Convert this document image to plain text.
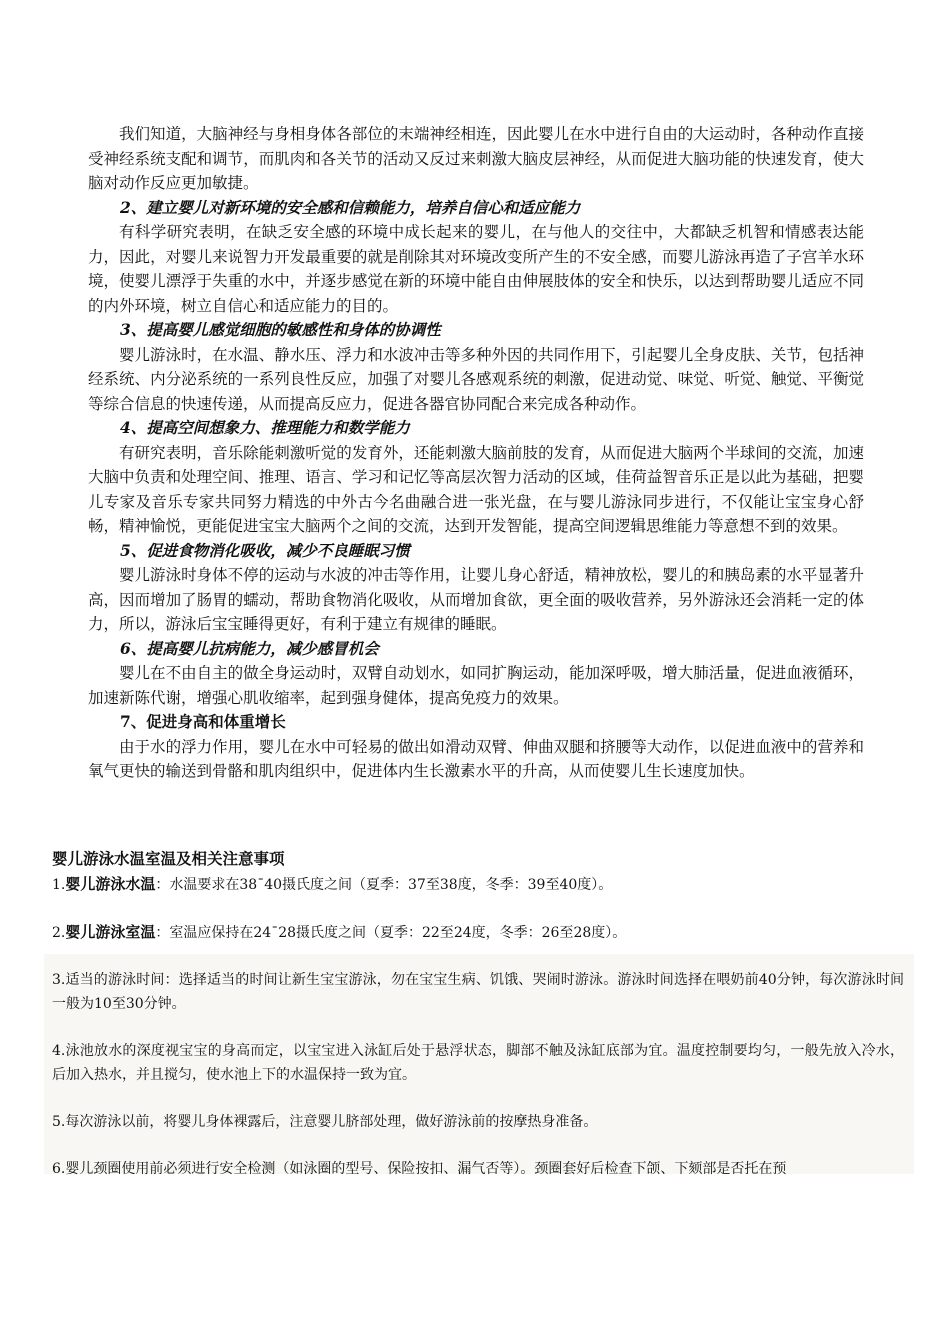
我们知道，大脑神经与身相身体各部位的末端神经相连，因此婴儿在水中进行自由的大运动时，各种动作直接受神经系统支配和调节，而肌肉和各关节的活动又反过来刺激大脑皮层神经，从而促进大脑功能的快速发育，使大脑对动作反应更加敏捷。

2、建立婴儿对新环境的安全感和信赖能力，培养自信心和适应能力

有科学研究表明，在缺乏安全感的环境中成长起来的婴儿，在与他人的交往中，大都缺乏机智和情感表达能力，因此，对婴儿来说智力开发最重要的就是削除其对环境改变所产生的不安全感，而婴儿游泳再造了子宫羊水环境，使婴儿漂浮于失重的水中，并逐步感觉在新的环境中能自由伸展肢体的安全和快乐，以达到帮助婴儿适应不同的内外环境，树立自信心和适应能力的目的。

3、提高婴儿感觉细胞的敏感性和身体的协调性

婴儿游泳时，在水温、静水压、浮力和水波冲击等多种外因的共同作用下，引起婴儿全身皮肤、关节，包括神经系统、内分泌系统的一系列良性反应，加强了对婴儿各感观系统的刺激，促进动觉、味觉、听觉、触觉、平衡觉等综合信息的快速传递，从而提高反应力，促进各器官协同配合来完成各种动作。

4、提高空间想象力、推理能力和数学能力

有研究表明，音乐除能刺激听觉的发育外，还能刺激大脑前肢的发育，从而促进大脑两个半球间的交流，加速大脑中负责和处理空间、推理、语言、学习和记忆等高层次智力活动的区域，佳荷益智音乐正是以此为基础，把婴儿专家及音乐专家共同努力精选的中外古今名曲融合进一张光盘，在与婴儿游泳同步进行，不仅能让宝宝身心舒畅，精神愉悦，更能促进宝宝大脑两个之间的交流，达到开发智能，提高空间逻辑思维能力等意想不到的效果。

5、促进食物消化吸收，减少不良睡眠习惯

婴儿游泳时身体不停的运动与水波的冲击等作用，让婴儿身心舒适，精神放松，婴儿的和胰岛素的水平显著升高，因而增加了肠胃的蠕动，帮助食物消化吸收，从而增加食欲，更全面的吸收营养，另外游泳还会消耗一定的体力，所以，游泳后宝宝睡得更好，有利于建立有规律的睡眠。

6、提高婴儿抗病能力，减少感冒机会

婴儿在不由自主的做全身运动时，双臂自动划水，如同扩胸运动，能加深呼吸，增大肺活量，促进血液循环，加速新陈代谢，增强心肌收缩率，起到强身健体，提高免疫力的效果。

7、促进身高和体重增长

由于水的浮力作用，婴儿在水中可轻易的做出如滑动双臂、伸曲双腿和挤腰等大动作，以促进血液中的营养和氧气更快的输送到骨骼和肌肉组织中，促进体内生长激素水平的升高，从而使婴儿生长速度加快。

婴儿游泳水温室温及相关注意事项

1.婴儿游泳水温：水温要求在38¯40摄氏度之间（夏季：37至38度，冬季：39至40度）。

2.婴儿游泳室温：室温应保持在24¯28摄氏度之间（夏季：22至24度，冬季：26至28度）。

3.适当的游泳时间：选择适当的时间让新生宝宝游泳，勿在宝宝生病、饥饿、哭闹时游泳。游泳时间选择在喂奶前40分钟，每次游泳时间一般为10至30分钟。

4.泳池放水的深度视宝宝的身高而定，以宝宝进入泳缸后处于悬浮状态，脚部不触及泳缸底部为宜。温度控制要均匀，一般先放入冷水，后加入热水，并且搅匀，使水池上下的水温保持一致为宜。

5.每次游泳以前，将婴儿身体裸露后，注意婴儿脐部处理，做好游泳前的按摩热身准备。

6.婴儿颈圈使用前必须进行安全检测（如泳圈的型号、保险按扣、漏气否等）。颈圈套好后检查下颌、下颏部是否托在预
